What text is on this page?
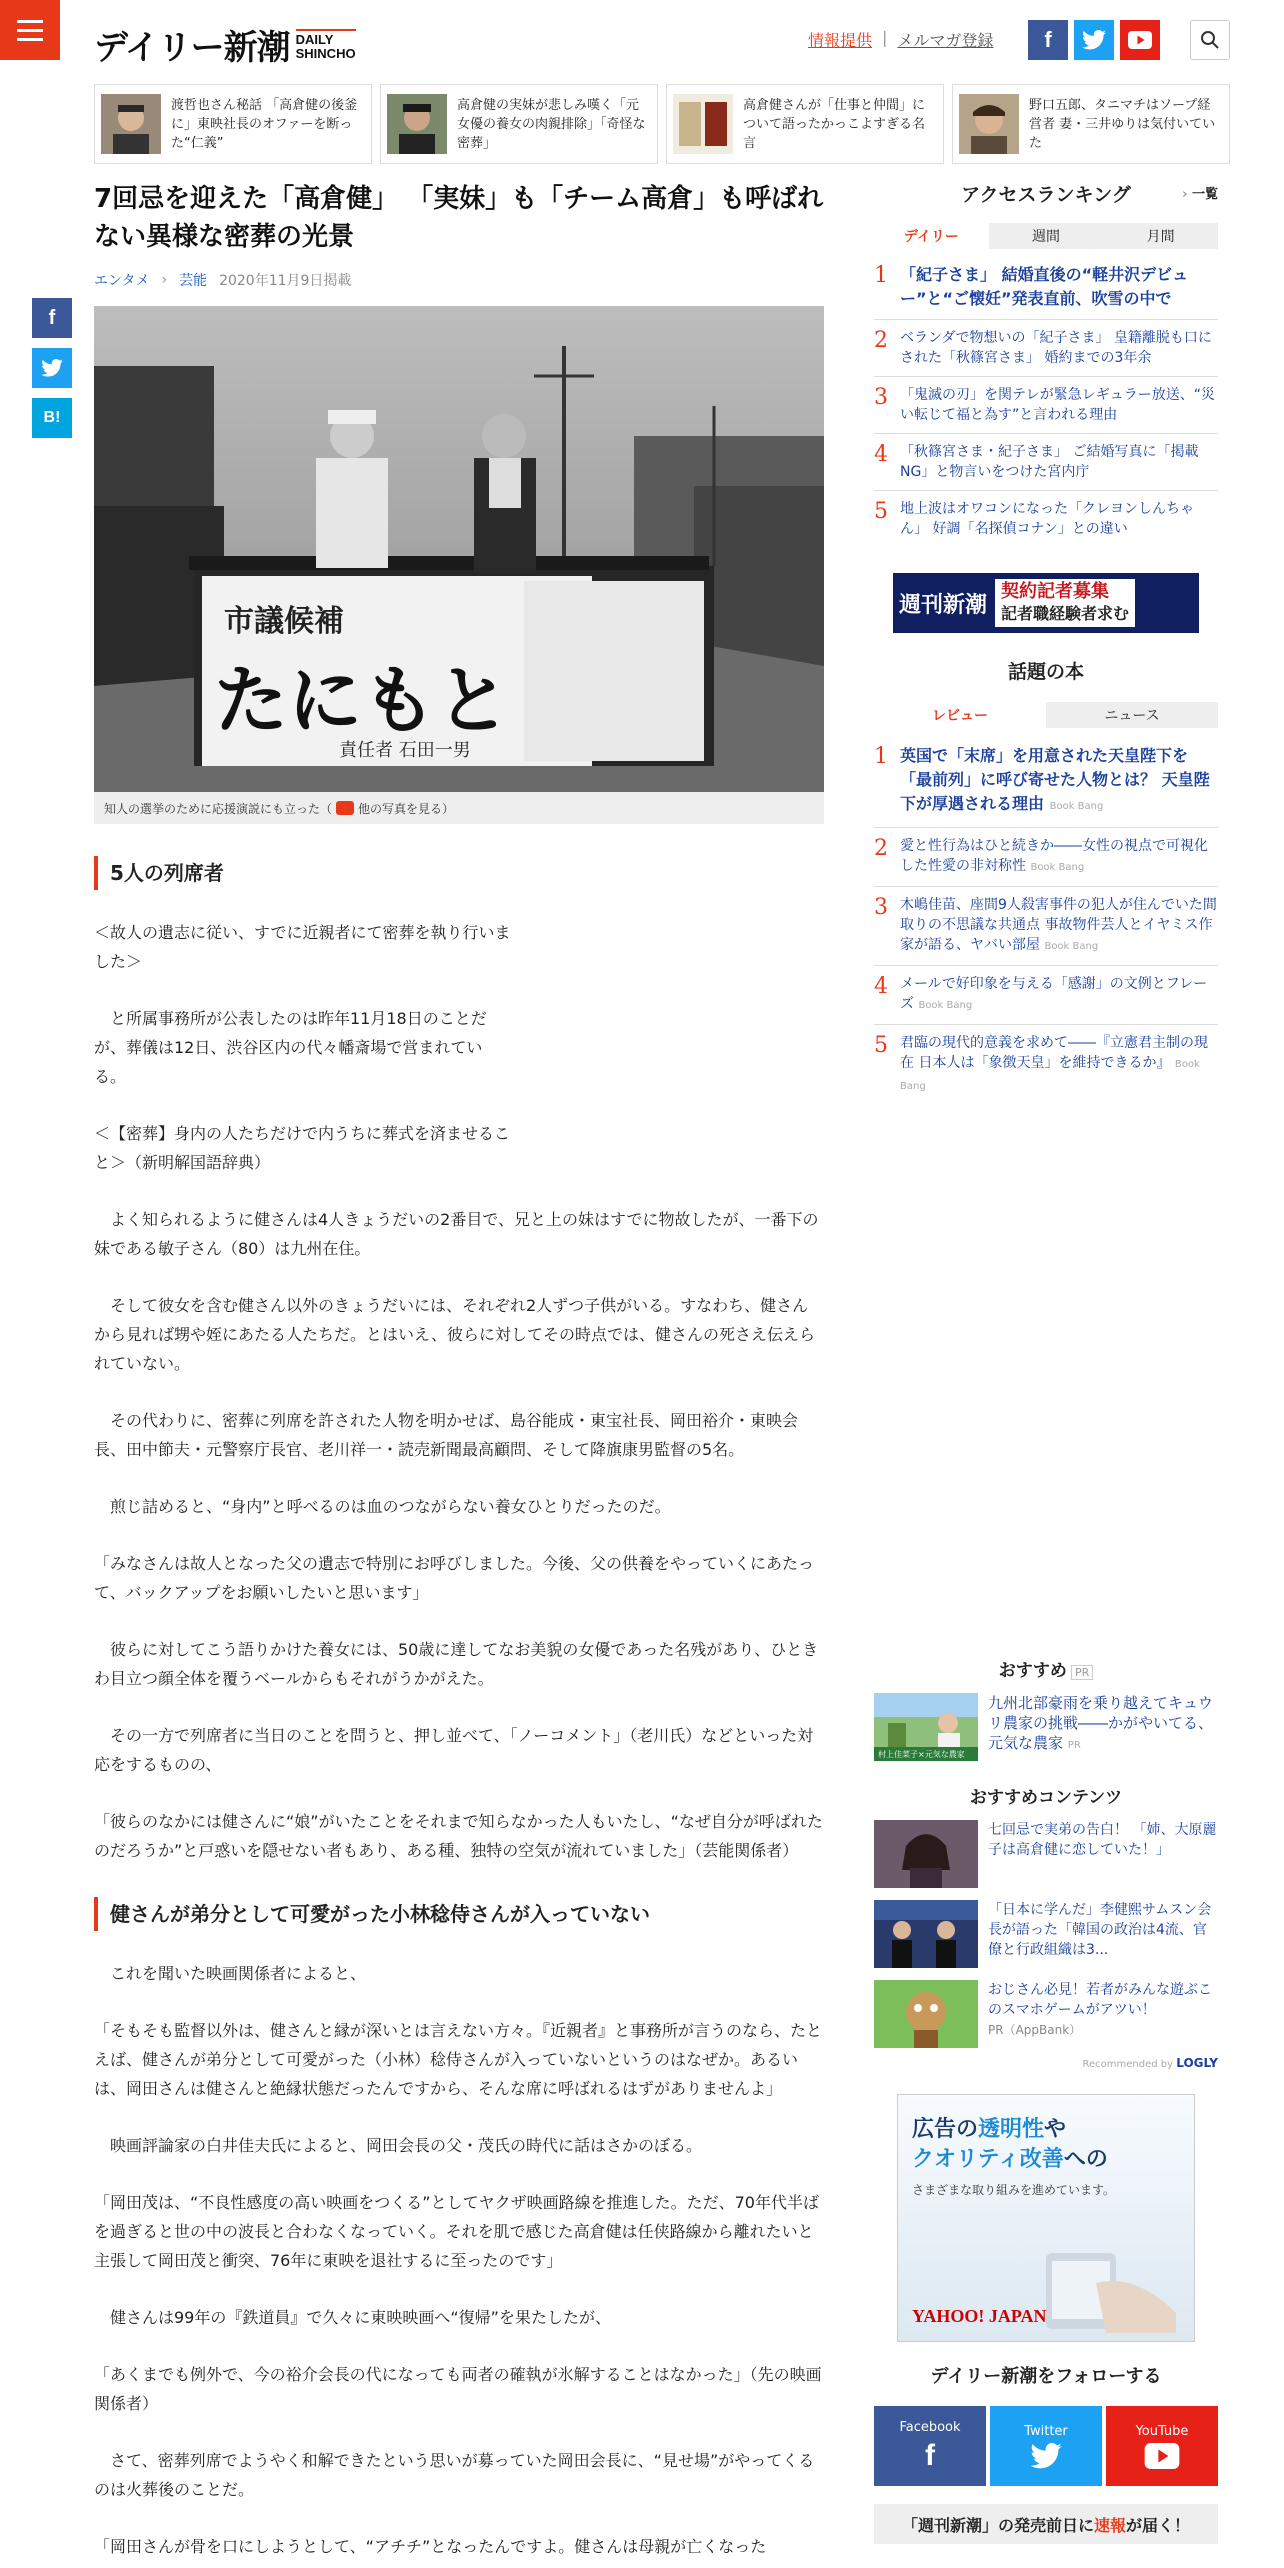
デイリー新潮 DAILY
SHINCHO
情報提供 | メルマガ登録	f
渡哲也さん秘話 「高倉健の後釜に」東映社長のオファーを断った“仁義”
高倉健の実妹が悲しみ嘆く「元女優の養女の肉親排除」「奇怪な密葬」
高倉健さんが「仕事と仲間」について語ったかっこよすぎる名言
野口五郎、タニマチはソープ経営者 妻・三井ゆりは気付いていた
f
B!
7回忌を迎えた「高倉健」 「実妹」も「チーム高倉」も呼ばれない異様な密葬の光景
エンタメ › 芸能 2020年11月9日掲載
市議候補
たにもと
責任者 石田一男
知人の選挙のために応援演説にも立った（ 他の写真を見る）
5人の列席者

＜故人の遺志に従い、すでに近親者にて密葬を執り行いました＞

と所属事務所が公表したのは昨年11月18日のことだが、葬儀は12日、渋谷区内の代々幡斎場で営まれている。

＜【密葬】身内の人たちだけで内うちに葬式を済ませること＞（新明解国語辞典）

よく知られるように健さんは4人きょうだいの2番目で、兄と上の妹はすでに物故したが、一番下の妹である敏子さん（80）は九州在住。

そして彼女を含む健さん以外のきょうだいには、それぞれ2人ずつ子供がいる。すなわち、健さんから見れば甥や姪にあたる人たちだ。とはいえ、彼らに対してその時点では、健さんの死さえ伝えられていない。

その代わりに、密葬に列席を許された人物を明かせば、島谷能成・東宝社長、岡田裕介・東映会長、田中節夫・元警察庁長官、老川祥一・読売新聞最高顧問、そして降旗康男監督の5名。

煎じ詰めると、“身内”と呼べるのは血のつながらない養女ひとりだったのだ。

「みなさんは故人となった父の遺志で特別にお呼びしました。今後、父の供養をやっていくにあたって、バックアップをお願いしたいと思います」

彼らに対してこう語りかけた養女には、50歳に達してなお美貌の女優であった名残があり、ひときわ目立つ顔全体を覆うベールからもそれがうかがえた。

その一方で列席者に当日のことを問うと、押し並べて、「ノーコメント」（老川氏）などといった対応をするものの、

「彼らのなかには健さんに“娘”がいたことをそれまで知らなかった人もいたし、“なぜ自分が呼ばれたのだろうか”と戸惑いを隠せない者もあり、ある種、独特の空気が流れていました」（芸能関係者）

健さんが弟分として可愛がった小林稔侍さんが入っていない

これを聞いた映画関係者によると、

「そもそも監督以外は、健さんと縁が深いとは言えない方々。『近親者』と事務所が言うのなら、たとえば、健さんが弟分として可愛がった（小林）稔侍さんが入っていないというのはなぜか。あるいは、岡田さんは健さんと絶縁状態だったんですから、そんな席に呼ばれるはずがありませんよ」

映画評論家の白井佳夫氏によると、岡田会長の父・茂氏の時代に話はさかのぼる。

「岡田茂は、“不良性感度の高い映画をつくる”としてヤクザ映画路線を推進した。ただ、70年代半ばを過ぎると世の中の波長と合わなくなっていく。それを肌で感じた高倉健は任侠路線から離れたいと主張して岡田茂と衝突、76年に東映を退社するに至ったのです」

健さんは99年の『鉄道員』で久々に東映映画へ“復帰”を果たしたが、

「あくまでも例外で、今の裕介会長の代になっても両者の確執が氷解することはなかった」（先の映画関係者）

さて、密葬列席でようやく和解できたという思いが募っていた岡田会長に、“見せ場”がやってくるのは火葬後のことだ。

「岡田さんが骨を口にしようとして、“アチチ”となったんですよ。健さんは母親が亡くなった

アクセスランキング	› 一覧
デイリー	週間	月間
1 「紀子さま」 結婚直後の“軽井沢デビュー”と“ご懐妊”発表直前、吹雪の中で
2 ベランダで物想いの「紀子さま」 皇籍離脱も口にされた「秋篠宮さま」 婚約までの3年余
3 「鬼滅の刃」を関テレが緊急レギュラー放送、“災い転じて福と為す”と言われる理由
4 「秋篠宮さま・紀子さま」 ご結婚写真に「掲載NG」と物言いをつけた宮内庁
5 地上波はオワコンになった「クレヨンしんちゃん」 好調「名探偵コナン」との違い
週刊新潮 契約記者募集
記者職経験者求む
話題の本
レビュー	ニュース
1 英国で「末席」を用意された天皇陛下を「最前列」に呼び寄せた人物とは？ 天皇陛下が厚遇される理由 Book Bang
2 愛と性行為はひと続きか――女性の視点で可視化した性愛の非対称性 Book Bang
3 木嶋佳苗、座間9人殺害事件の犯人が住んでいた間取りの不思議な共通点 事故物件芸人とイヤミス作家が語る、ヤバい部屋 Book Bang
4 メールで好印象を与える「感謝」の文例とフレーズ Book Bang
5 君臨の現代的意義を求めて――『立憲君主制の現在 日本人は「象徴天皇」を維持できるか』 Book Bang
おすすめ PR
村上佳菜子×元気な農家
九州北部豪雨を乗り越えてキュウリ農家の挑戦――かがやいてる、元気な農家 PR
おすすめコンテンツ
七回忌で実弟の告白！ 「姉、大原麗子は高倉健に恋していた！」
「日本に学んだ」李健熙サムスン会長が語った「韓国の政治は4流、官僚と行政組織は3...
おじさん必見！若者がみんな遊ぶこのスマホゲームがアツい！
PR（AppBank）
Recommended by LOGLY
広告の透明性や
クオリティ改善への
さまざまな取り組みを進めています。
YAHOO! JAPAN
デイリー新潮をフォローする
Facebook
f
Twitter	YouTube
「週刊新潮」の発売前日に 速報 が届く！
